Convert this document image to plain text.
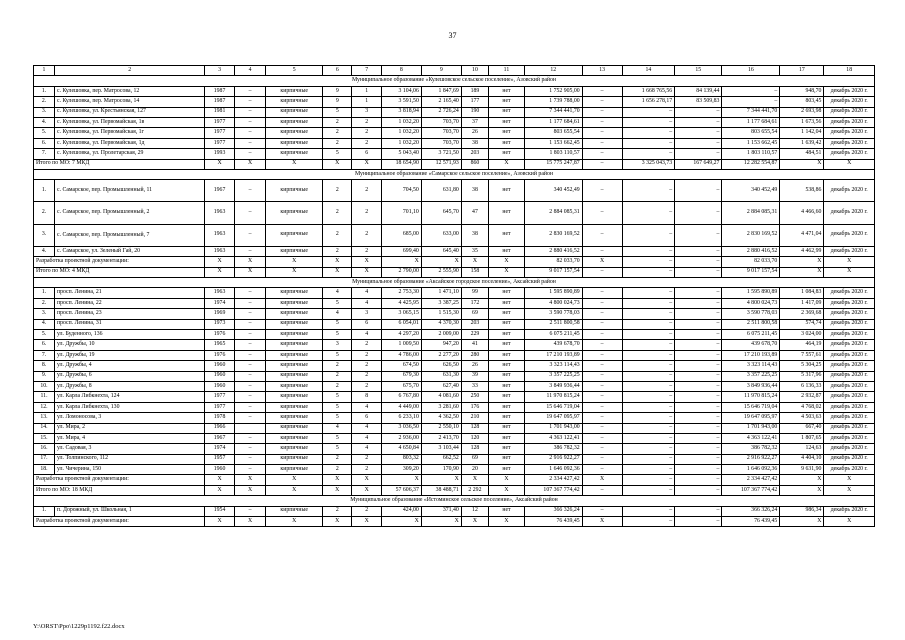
37
1	2	3	4	5	6	7	8	9	10	11	12	13	14	15	16	17	18
Муниципальное образование «Кулешовское сельское поселение», Азовский район																	
1.	с. Кулешовка, пер. Матросова, 12	1987	–	кирпичные	9	1	3 104,06	1 847,69	189	нет	1 752 905,00	–	1 668 765,56	84 139,44	–	948,70	декабрь 2020 г.
2.	с. Кулешовка, пер. Матросова, 14	1987	–	кирпичные	9	1	3 591,50	2 165,40	177	нет	1 739 788,00	–	1 656 278,17	83 509,83	–	803,45	декабрь 2020 г.
3.	с. Кулешовка, ул. Крестьянская, 127	1981	–	кирпичные	5	3	3 818,94	2 726,24	190	нет	7 344 441,70	–	–	–	7 344 441,70	2 693,98	декабрь 2020 г.
4.	с. Кулешовка, ул. Первомайская, 1в	1977	–	кирпичные	2	2	1 032,20	703,70	37	нет	1 177 684,61	–	–	–	1 177 684,61	1 673,56	декабрь 2020 г.
5.	с. Кулешовка, ул. Первомайская, 1г	1977	–	кирпичные	2	2	1 032,20	703,70	26	нет	803 655,54	–	–	–	803 655,54	1 142,04	декабрь 2020 г.
6.	с. Кулешовка, ул. Первомайская, 1д	1977	–	кирпичные	2	2	1 032,20	703,70	38	нет	1 153 662,45	–	–	–	1 153 662,45	1 639,42	декабрь 2020 г.
7.	с. Кулешовка, ул. Пролетарская, 29	1993	–	кирпичные	5	6	5 043,40	3 721,50	203	нет	1 803 110,57	–	–	–	1 803 110,57	484,51	декабрь 2020 г.
Итого по МО: 7 МКД		X	X	X	X	X	18 654,90	12 571,93	860	X	15 775 247,87	–	3 325 043,73	167 649,27	12 282 554,87	X	X
Муниципальное образование «Самарское сельское поселение», Азовский район																	
1.	с. Самарское, пер. Промышленный, 11	1967	–	кирпичные	2	2	704,50	631,80	38	нет	340 452,49	–	–	–	340 452,49	538,86	декабрь 2020 г.
2.	с. Самарское, пер. Промышленный, 2	1963	–	кирпичные	2	2	701,10	645,70	47	нет	2 884 085,31	–	–	–	2 884 085,31	4 466,60	декабрь 2020 г.
3.	с. Самарское, пер. Промышленный, 7	1963	–	кирпичные	2	2	685,00	633,00	38	нет	2 830 169,52	–	–	–	2 830 169,52	4 471,04	декабрь 2020 г.
4.	с. Самарское, ул. Зеленый Гай, 20	1963	–	кирпичные	2	2	699,40	645,40	35	нет	2 880 416,52	–	–	–	2 880 416,52	4 462,99	декабрь 2020 г.
Разработка проектной документации:		X	X	X	X	X	X	X	X	X	82 033,70	X	–	–	82 033,70	X	X
Итого по МО: 4 МКД		X	X	X	X	X	2 790,00	2 555,90	158	X	9 017 157,54	–	–	–	9 017 157,54	X	X
Муниципальное образование «Аксайское городское поселение», Аксайский район																	
1.	просп. Ленина, 21	1963	–	кирпичные	4	4	2 753,30	1 471,10	99	нет	1 595 890,89	–	–	–	1 595 890,89	1 084,83	декабрь 2020 г.
2.	просп. Ленина, 22	1974	–	кирпичные	5	4	4 425,95	3 387,25	172	нет	4 800 024,73	–	–	–	4 800 024,73	1 417,09	декабрь 2020 г.
3.	просп. Ленина, 23	1969	–	кирпичные	4	3	3 065,15	1 515,30	69	нет	3 590 778,03	–	–	–	3 590 778,03	2 369,68	декабрь 2020 г.
4.	просп. Ленина, 31	1973	–	кирпичные	5	6	6 054,01	4 370,30	203	нет	2 511 800,58	–	–	–	2 511 800,58	574,74	декабрь 2020 г.
5.	ул. Буденного, 136	1976	–	кирпичные	5	4	4 297,20	2 009,00	229	нет	6 075 211,45	–	–	–	6 075 211,45	3 024,00	декабрь 2020 г.
6.	ул. Дружбы, 10	1965	–	кирпичные	3	2	1 009,50	947,20	41	нет	439 678,70	–	–	–	439 678,70	464,19	декабрь 2020 г.
7.	ул. Дружбы, 19	1976	–	кирпичные	5	2	4 786,00	2 277,20	280	нет	17 210 193,89	–	–	–	17 210 193,89	7 557,61	декабрь 2020 г.
8.	ул. Дружбы, 4	1960	–	кирпичные	2	2	674,50	626,50	26	нет	3 323 114,43	–	–	–	3 323 114,43	5 304,25	декабрь 2020 г.
9.	ул. Дружбы, 6	1960	–	кирпичные	2	2	679,30	631,30	39	нет	3 357 225,25	–	–	–	3 357 225,25	5 317,96	декабрь 2020 г.
10.	ул. Дружбы, 8	1960	–	кирпичные	2	2	675,70	627,40	33	нет	3 849 936,44	–	–	–	3 849 936,44	6 136,33	декабрь 2020 г.
11.	ул. Карла Либкнехта, 124	1977	–	кирпичные	5	8	6 767,80	4 081,60	250	нет	11 970 815,24	–	–	–	11 970 815,24	2 932,87	декабрь 2020 г.
12.	ул. Карла Либкнехта, 130	1977	–	кирпичные	5	4	4 449,00	3 281,60	176	нет	15 646 719,04	–	–	–	15 646 719,04	4 768,02	декабрь 2020 г.
13.	ул. Ломоносова, 3	1978	–	кирпичные	5	6	6 233,10	4 362,50	210	нет	19 647 095,97	–	–	–	19 647 095,97	4 503,63	декабрь 2020 г.
14.	ул. Мира, 2	1966		кирпичные	4	4	3 036,50	2 550,10	128	нет	1 701 943,00	–	–	–	1 701 943,00	667,40	декабрь 2020 г.
15.	ул. Мира, 4	1967	–	кирпичные	5	4	2 936,00	2 413,70	120	нет	4 363 122,41	–	–	–	4 363 122,41	1 807,65	декабрь 2020 г.
16.	ул. Садовая, 3	1974	–	кирпичные	5	4	4 650,84	3 103,44	128	нет	386 782,32	–	–	–	386 782,32	124,63	декабрь 2020 г.
17.	ул. Толпинского, 112	1957	–	кирпичные	2	2	803,32	662,52	69	нет	2 916 922,27	–	–	–	2 916 922,27	4 404,10	декабрь 2020 г.
18.	ул. Чичерина, 150	1960	–	кирпичные	2	2	309,20	170,90	20	нет	1 646 092,36	–	–	–	1 646 092,36	9 631,90	декабрь 2020 г.
Разработка проектной документации:		X	X	X	X	X	X	X	X	X	2 334 427,42	X	–	–	2 334 427,42	X	X
Итого по МО: 18 МКД		X	X	X	X	X	57 606,37	38 488,71	2 292	X	107 367 774,42	–	–	–	107 367 774,42	X	X
Муниципальное образование «Истоминское сельское поселение», Аксайский район																	
1.	п. Дорожный, ул. Школьная, 1	1954	–	кирпичные	2	2	424,00	371,40	12	нет	366 326,24	–	–	–	366 326,24	986,34	декабрь 2020 г.
Разработка проектной документации:		X	X	X	X	X	X	X	X	X	76 439,45	X	–	–	76 439,45	X	X
Y:\ORST\Ppo\1229p1192.f22.docx
